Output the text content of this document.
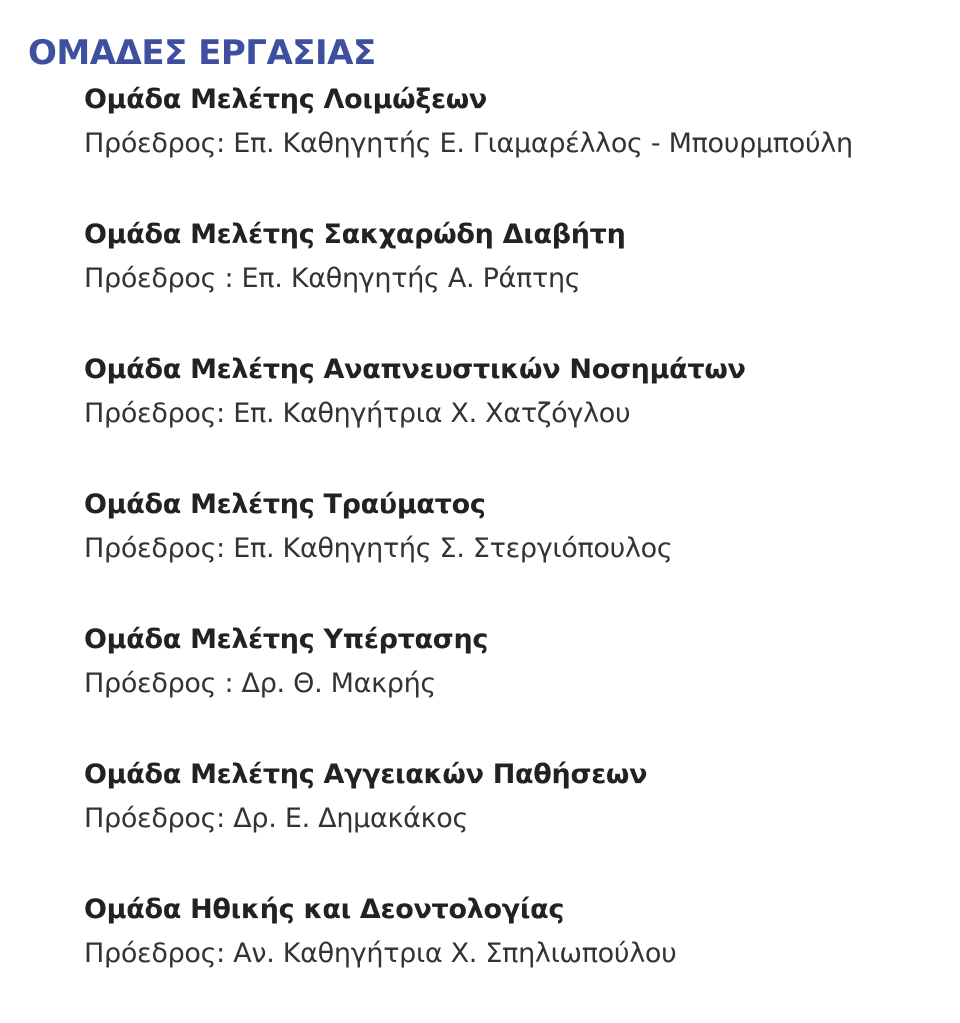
ΟΜΑΔΕΣ ΕΡΓΑΣΙΑΣ

Ομάδα Μελέτης Λοιμώξεων

Πρόεδρος: Επ. Καθηγητής Ε. Γιαμαρέλλος - Μπουρμπούλη

Ομάδα Μελέτης Σακχαρώδη Διαβήτη

Πρόεδρος : Επ. Καθηγητής Α. Ράπτης

Ομάδα Μελέτης Αναπνευστικών Νοσημάτων

Πρόεδρος: Επ. Καθηγήτρια Χ. Χατζόγλου

Ομάδα Μελέτης Τραύματος

Πρόεδρος: Επ. Καθηγητής Σ. Στεργιόπουλος

Ομάδα Μελέτης Υπέρτασης

Πρόεδρος : Δρ. Θ. Μακρής

Ομάδα Μελέτης Αγγειακών Παθήσεων

Πρόεδρος: Δρ. Ε. Δημακάκος

Ομάδα Ηθικής και Δεοντολογίας

Πρόεδρος: Αν. Καθηγήτρια Χ. Σπηλιωπούλου
